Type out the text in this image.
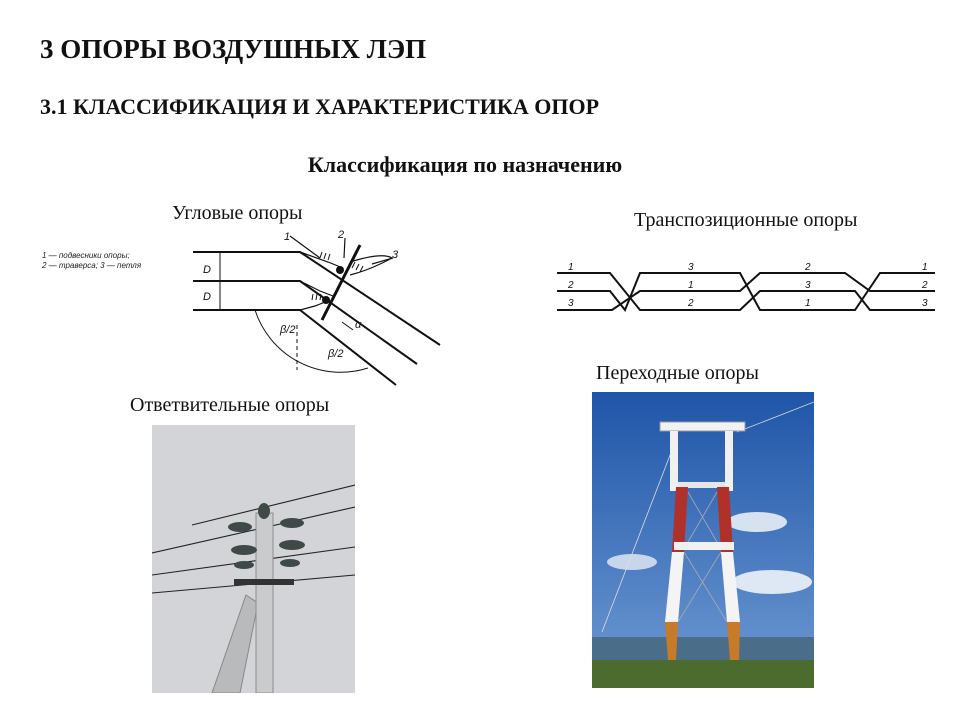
3 ОПОРЫ ВОЗДУШНЫХ ЛЭП
3.1 КЛАССИФИКАЦИЯ И ХАРАКТЕРИСТИКА ОПОР
Классификация по назначению
Угловые опоры	Транспозиционные опоры
Ответвительные опоры
Переходные опоры
1 — подвесники опоры;
2 — траверса; 3 — петля	D
D
β/2
β/2
α
1	2
3
1
2
3
3
1
2
2
3
1
1
2
3
